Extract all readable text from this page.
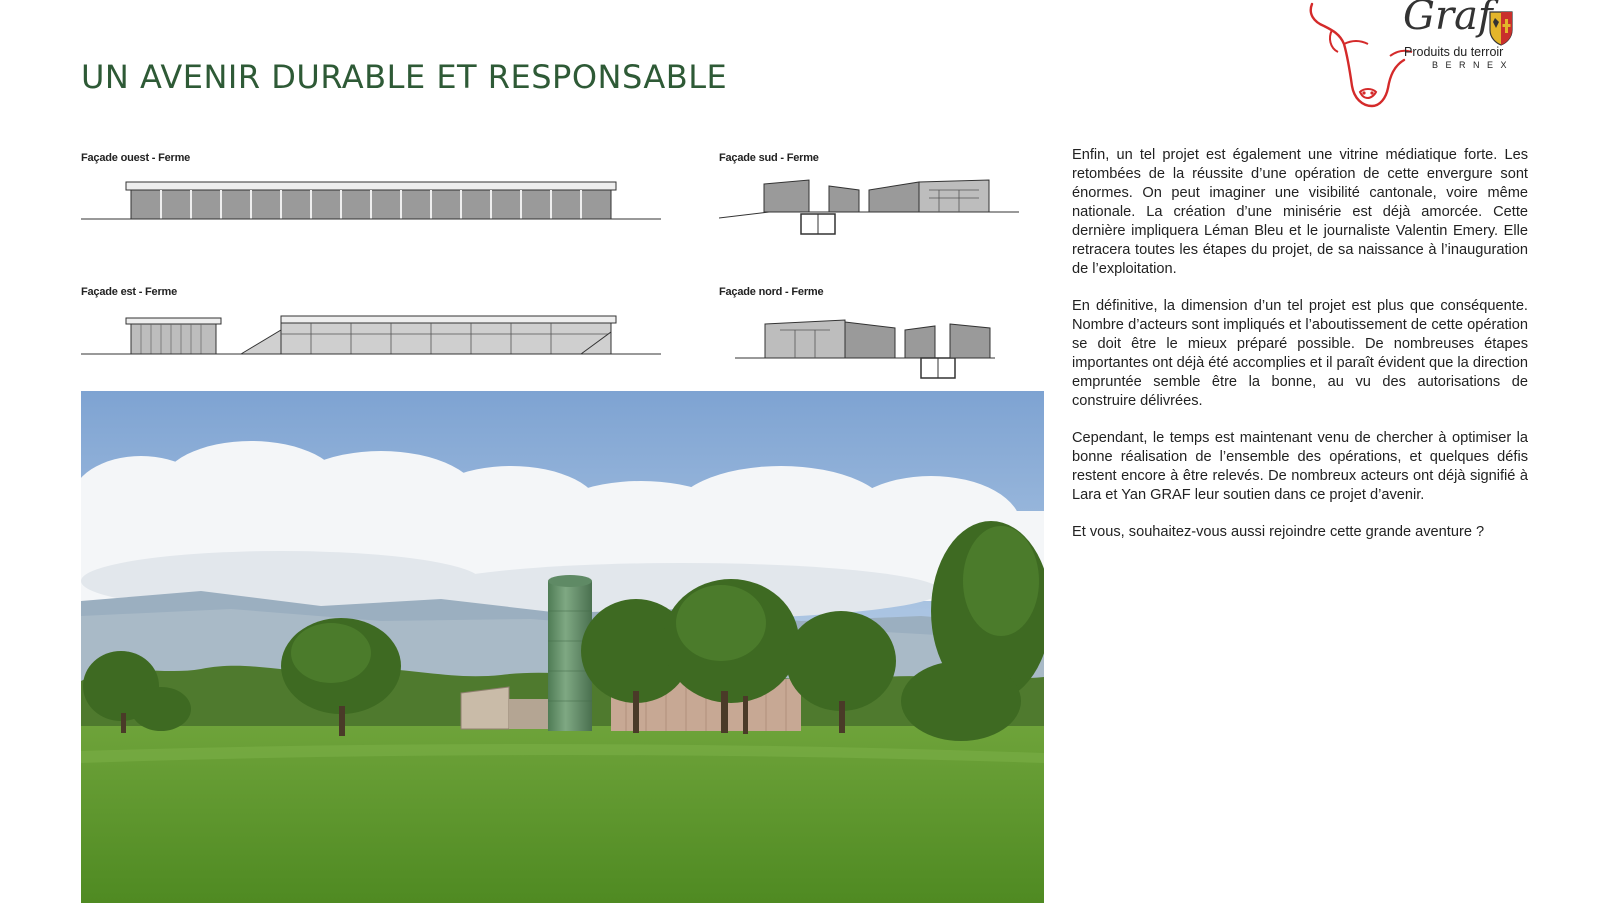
UN AVENIR DURABLE ET RESPONSABLE
Graf
Produits du terroir
BERNEX
Façade ouest - Ferme	Façade sud - Ferme
Façade est - Ferme	Façade nord - Ferme

Enfin, un tel projet est également une vitrine médiatique forte. Les retombées de la réussite d’une opération de cette envergure sont énormes. On peut imaginer une visibilité cantonale, voire même nationale. La création d’une minisérie est déjà amorcée. Cette dernière impliquera Léman Bleu et le journaliste Valentin Emery. Elle retracera toutes les étapes du projet, de sa naissance à l’inauguration de l’exploitation.

En définitive, la dimension d’un tel projet est plus que conséquente. Nombre d’acteurs sont impliqués et l’aboutissement de cette opération se doit être le mieux préparé possible. De nombreuses étapes importantes ont déjà été accomplies et il paraît évident que la direction empruntée semble être la bonne, au vu des autorisations de construire délivrées.

Cependant, le temps est maintenant venu de chercher à optimiser la bonne réalisation de l’ensemble des opérations, et quelques défis restent encore à être relevés. De nombreux acteurs ont déjà signifié à Lara et Yan GRAF leur soutien dans ce projet d’avenir.

Et vous, souhaitez-vous aussi rejoindre cette grande aventure ?
